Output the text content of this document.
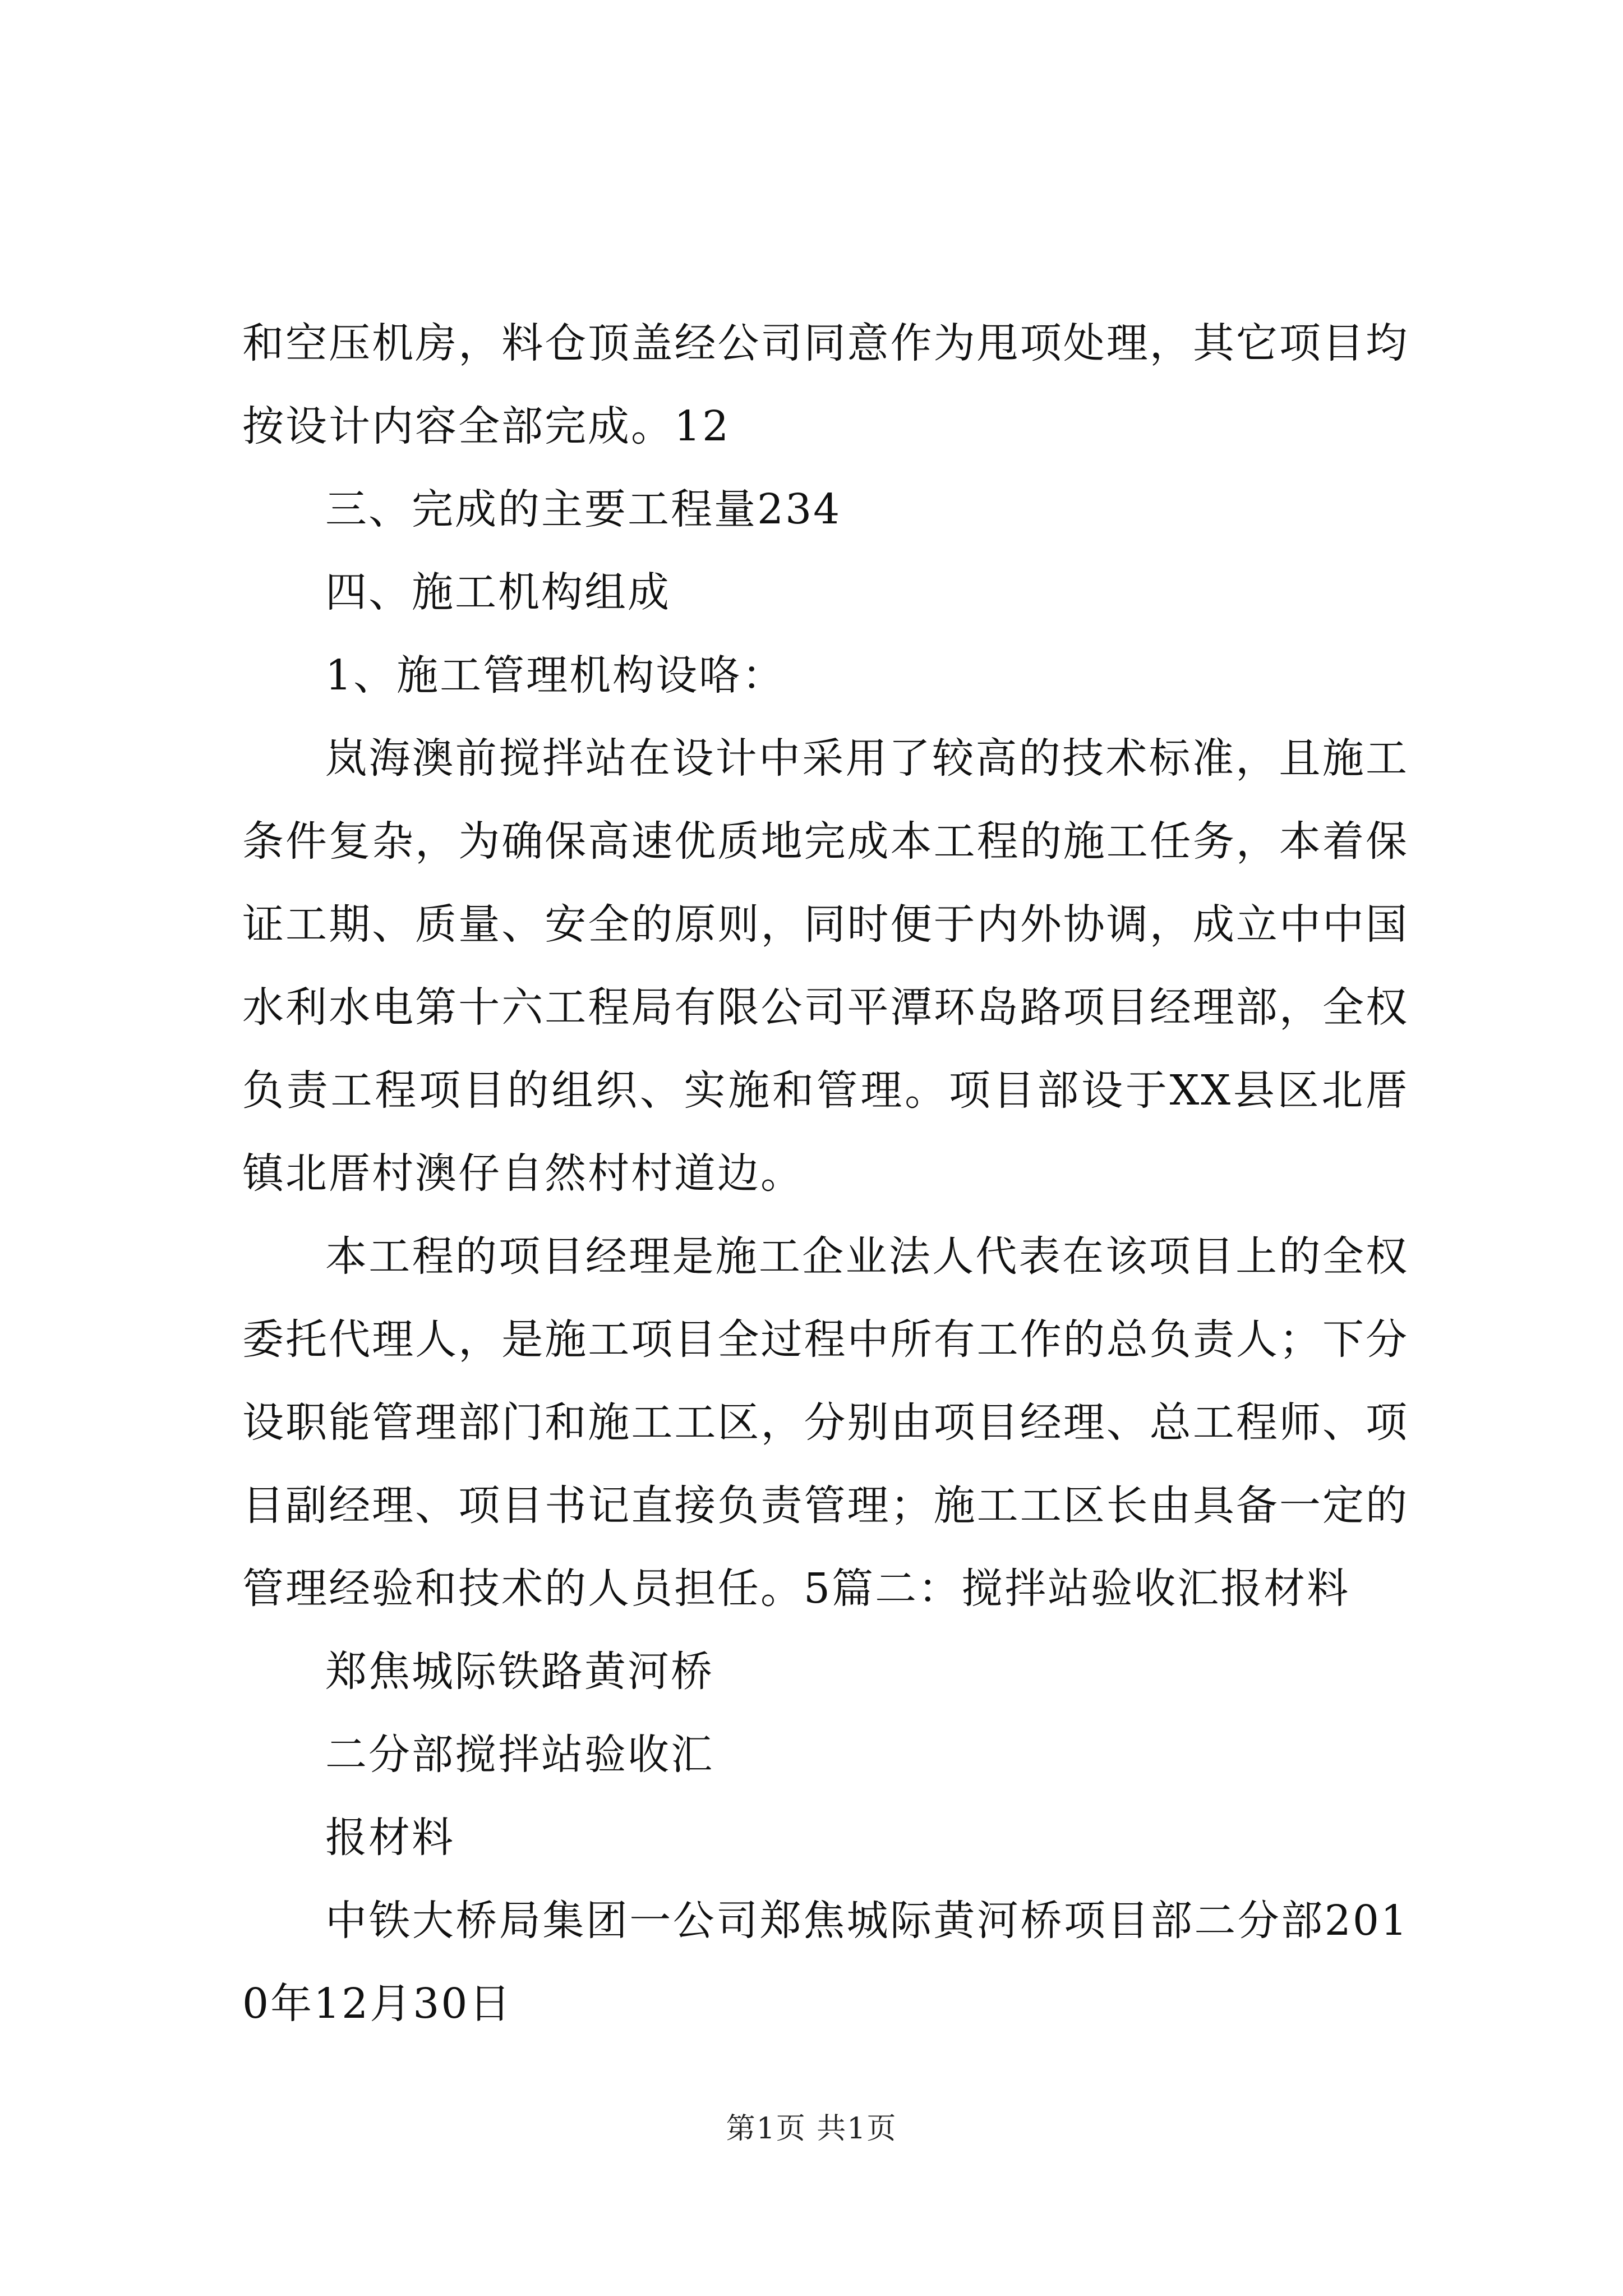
和空压机房，料仓顶盖经公司同意作为甩项处理，其它项目均按设计内容全部完成。12

三、完成的主要工程量234

四、施工机构组成

1、施工管理机构设咯：

岚海澳前搅拌站在设计中采用了较高的技术标准，且施工条件复杂，为确保高速优质地完成本工程的施工任务，本着保证工期、质量、安全的原则，同时便于内外协调，成立中中国水利水电第十六工程局有限公司平潭环岛路项目经理部，全权负责工程项目的组织、实施和管理。项目部设于XX县区北厝镇北厝村澳仔自然村村道边。

本工程的项目经理是施工企业法人代表在该项目上的全权委托代理人，是施工项目全过程中所有工作的总负责人；下分设职能管理部门和施工工区，分别由项目经理、总工程师、项目副经理、项目书记直接负责管理；施工工区长由具备一定的管理经验和技术的人员担任。5篇二：搅拌站验收汇报材料

郑焦城际铁路黄河桥

二分部搅拌站验收汇

报材料

中铁大桥局集团一公司郑焦城际黄河桥项目部二分部2010年12月30日

第1页 共1页
